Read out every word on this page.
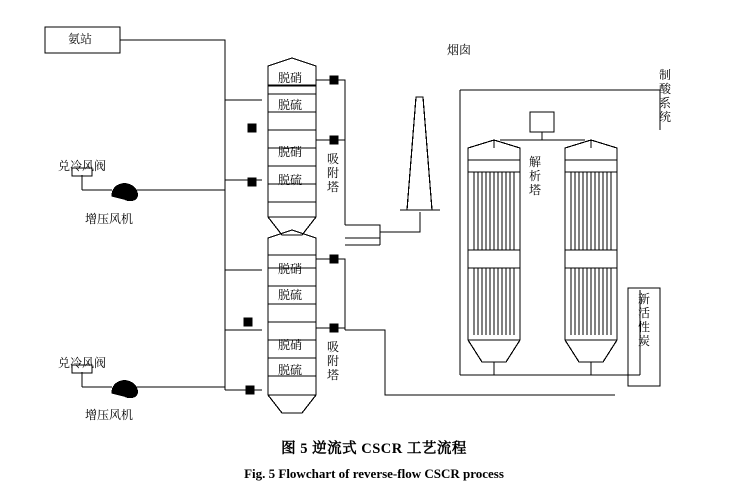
氨站
烟囱
制
酸
系
统
解
析
塔
新
活
性
炭
吸
附
塔
吸
附
塔
脱硝
脱硫
脱硝
脱硫
脱硝
脱硫
脱硝
脱硫
兑冷风阀
增压风机
兑冷风阀
增压风机
图 5 逆流式 CSCR 工艺流程
Fig. 5 Flowchart of reverse-flow CSCR process
